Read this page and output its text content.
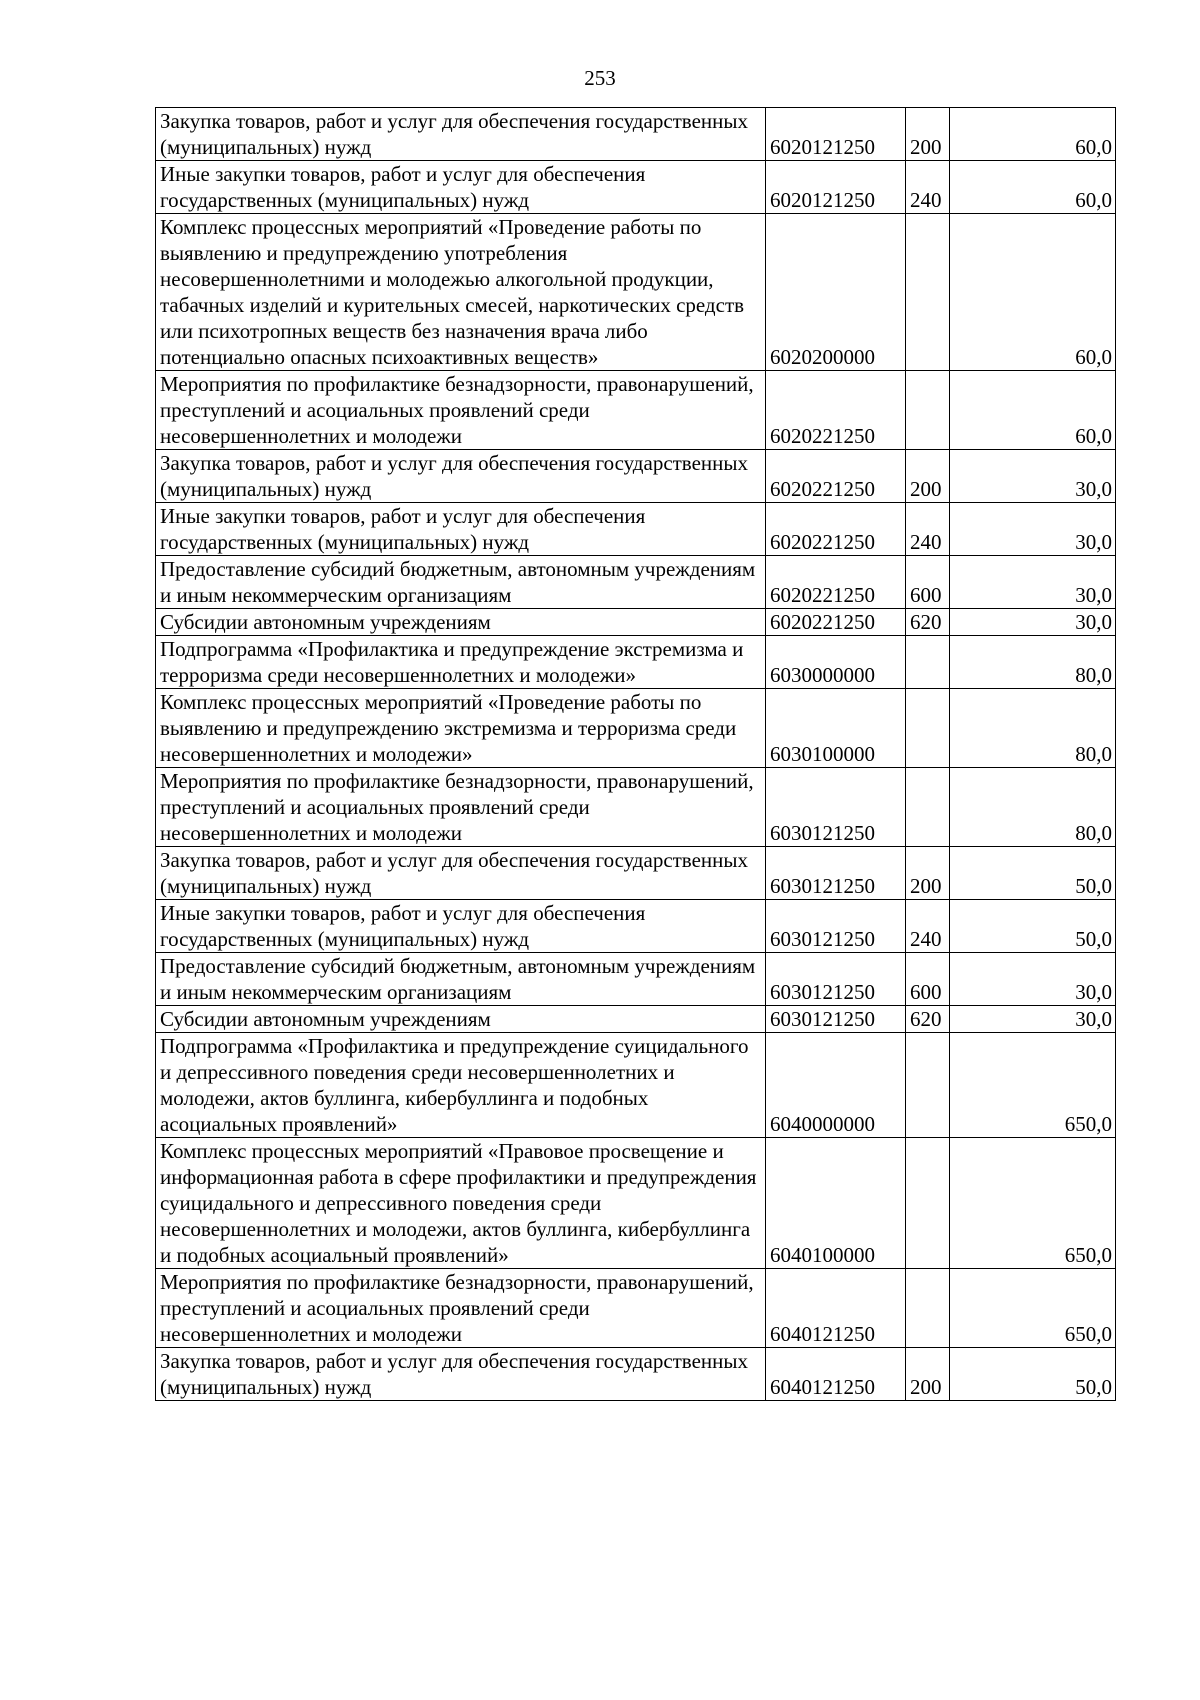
253
Закупка товаров, работ и услуг для обеспечения государственных (муниципальных) нужд	6020121250	200	60,0
Иные закупки товаров, работ и услуг для обеспечения государственных (муниципальных) нужд	6020121250	240	60,0
Комплекс процессных мероприятий «Проведение работы по выявлению и предупреждению употребления несовершеннолетними и молодежью алкогольной продукции, табачных изделий и курительных смесей, наркотических средств или психотропных веществ без назначения врача либо потенциально опасных психоактивных веществ»	6020200000		60,0
Мероприятия по профилактике безнадзорности, правонарушений, преступлений и асоциальных проявлений среди несовершеннолетних и молодежи	6020221250		60,0
Закупка товаров, работ и услуг для обеспечения государственных (муниципальных) нужд	6020221250	200	30,0
Иные закупки товаров, работ и услуг для обеспечения государственных (муниципальных) нужд	6020221250	240	30,0
Предоставление субсидий бюджетным, автономным учреждениям и иным некоммерческим организациям	6020221250	600	30,0
Субсидии автономным учреждениям	6020221250	620	30,0
Подпрограмма «Профилактика и предупреждение экстремизма и терроризма среди несовершеннолетних и молодежи»	6030000000		80,0
Комплекс процессных мероприятий «Проведение работы по выявлению и предупреждению экстремизма и терроризма среди несовершеннолетних и молодежи»	6030100000		80,0
Мероприятия по профилактике безнадзорности, правонарушений, преступлений и асоциальных проявлений среди несовершеннолетних и молодежи	6030121250		80,0
Закупка товаров, работ и услуг для обеспечения государственных (муниципальных) нужд	6030121250	200	50,0
Иные закупки товаров, работ и услуг для обеспечения государственных (муниципальных) нужд	6030121250	240	50,0
Предоставление субсидий бюджетным, автономным учреждениям и иным некоммерческим организациям	6030121250	600	30,0
Субсидии автономным учреждениям	6030121250	620	30,0
Подпрограмма «Профилактика и предупреждение суицидального и депрессивного поведения среди несовершеннолетних и молодежи, актов буллинга, кибербуллинга и подобных асоциальных проявлений»	6040000000		650,0
Комплекс процессных мероприятий «Правовое просвещение и информационная работа в сфере профилактики и предупреждения суицидального и депрессивного поведения среди несовершеннолетних и молодежи, актов буллинга, кибербуллинга и подобных асоциальный проявлений»	6040100000		650,0
Мероприятия по профилактике безнадзорности, правонарушений, преступлений и асоциальных проявлений среди несовершеннолетних и молодежи	6040121250		650,0
Закупка товаров, работ и услуг для обеспечения государственных (муниципальных) нужд	6040121250	200	50,0
